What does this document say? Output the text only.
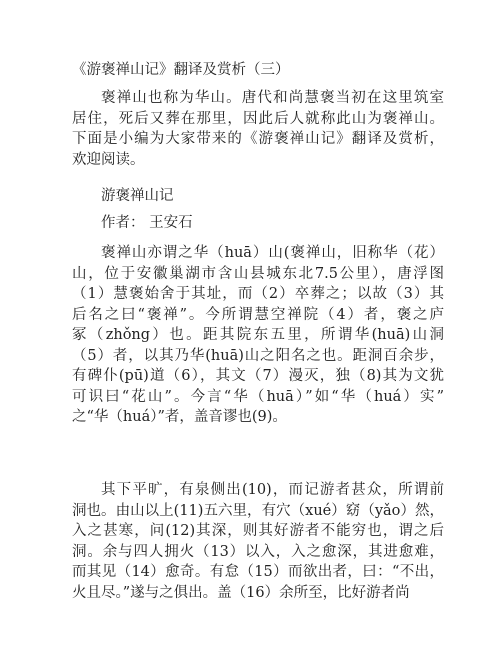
《游褒禅山记》翻译及赏析（三）
褒禅山也称为华山。唐代和尚慧褒当初在这里筑室
居住，死后又葬在那里，因此后人就称此山为褒禅山。
下面是小编为大家带来的《游褒禅山记》翻译及赏析，
欢迎阅读。
游褒禅山记
作者： 王安石
褒禅山亦谓之华（huā）山(褒禅山，旧称华（花）
山，位于安徽巢湖市含山县城东北7.5公里），唐浮图
（1）慧褒始舍于其址，而（2）卒葬之；以故（3）其
后名之曰“褒禅”。今所谓慧空禅院（4）者，褒之庐
冢（zhǒng）也。距其院东五里，所谓华(huā)山洞
（5）者，以其乃华(huā)山之阳名之也。距洞百余步，
有碑仆(pū)道（6），其文（7）漫灭，独（8)其为文犹
可识曰“花山”。今言“华（huā）”如“华（huá）实”
之“华（huá）”者，盖音谬也(9)。
其下平旷，有泉侧出(10)，而记游者甚众，所谓前
洞也。由山以上(11)五六里，有穴（xué）窈（yǎo）然，
入之甚寒，问(12)其深，则其好游者不能穷也，谓之后
洞。余与四人拥火（13）以入，入之愈深，其进愈难，
而其见（14）愈奇。有怠（15）而欲出者，曰：“不出，
火且尽。”遂与之俱出。盖（16）余所至，比好游者尚
